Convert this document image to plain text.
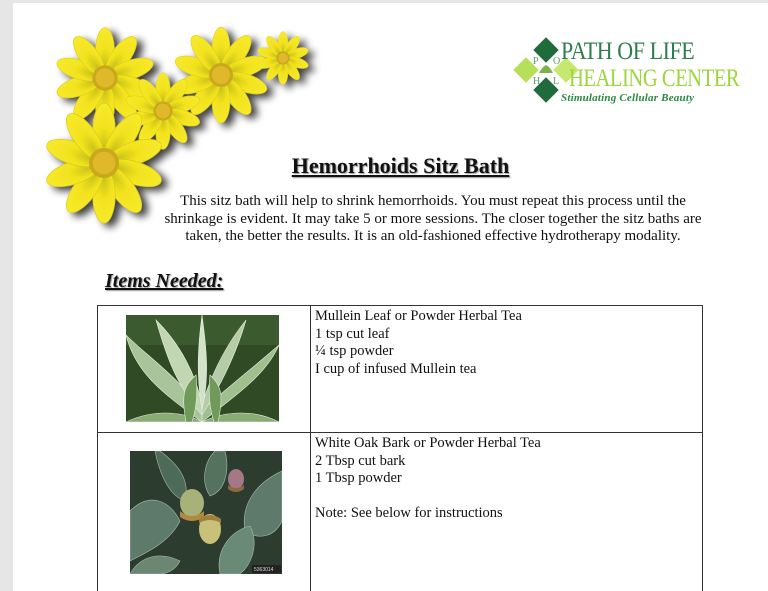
P O
H L
PATH OF LIFE
HEALING CENTER
Stimulating Cellular Beauty
Hemorrhoids Sitz Bath

This sitz bath will help to shrink hemorrhoids. You must repeat this process until the shrinkage is evident. It may take 5 or more sessions. The closer together the sitz baths are taken, the better the results. It is an old-fashioned effective hydrotherapy modality.

Items Needed:

Mullein Leaf or Powder Herbal Tea
1 tsp cut leaf
¼ tsp powder
I cup of infused Mullein tea

5363014	White Oak Bark or Powder Herbal Tea
2 Tbsp cut bark
1 Tbsp powder
Note: See below for instructions
